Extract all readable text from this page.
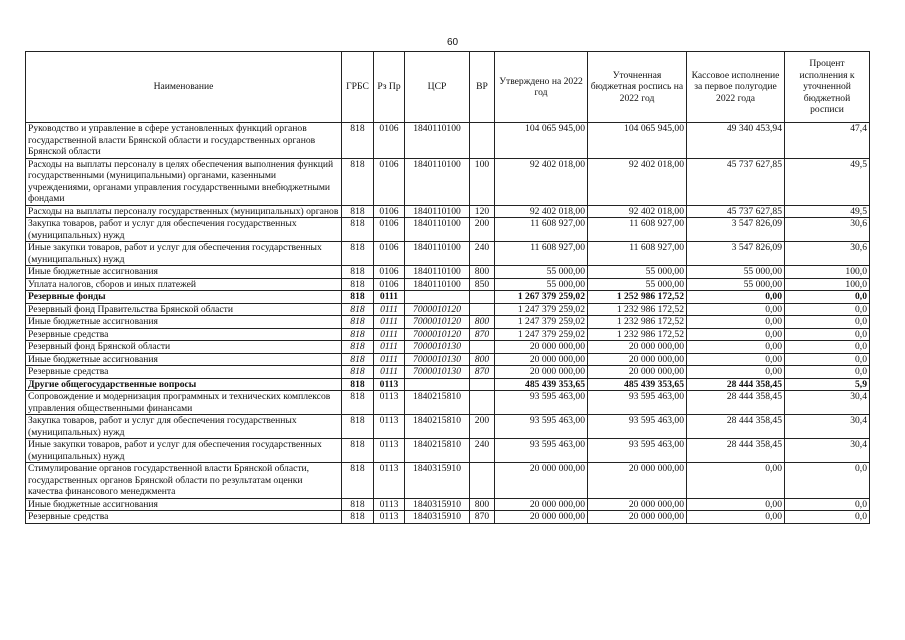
60
Наименование	ГРБС	Рз Пр	ЦСР	ВР	Утверждено на 2022 год	Уточненная бюджетная роспись на 2022 год	Кассовое исполнение за первое полугодие 2022 года	Процент исполнения к уточненной бюджетной росписи
Руководство и управление в сфере установленных функций органов государственной власти Брянской области и государственных органов Брянской области	818	0106	1840110100		104 065 945,00	104 065 945,00	49 340 453,94	47,4
Расходы на выплаты персоналу в целях обеспечения выполнения функций государственными (муниципальными) органами, казенными учреждениями, органами управления государственными внебюджетными фондами	818	0106	1840110100	100	92 402 018,00	92 402 018,00	45 737 627,85	49,5
Расходы на выплаты персоналу государственных (муниципальных) органов	818	0106	1840110100	120	92 402 018,00	92 402 018,00	45 737 627,85	49,5
Закупка товаров, работ и услуг для обеспечения государственных (муниципальных) нужд	818	0106	1840110100	200	11 608 927,00	11 608 927,00	3 547 826,09	30,6
Иные закупки товаров, работ и услуг для обеспечения государственных (муниципальных) нужд	818	0106	1840110100	240	11 608 927,00	11 608 927,00	3 547 826,09	30,6
Иные бюджетные ассигнования	818	0106	1840110100	800	55 000,00	55 000,00	55 000,00	100,0
Уплата налогов, сборов и иных платежей	818	0106	1840110100	850	55 000,00	55 000,00	55 000,00	100,0
Резервные фонды	818	0111			1 267 379 259,02	1 252 986 172,52	0,00	0,0
Резервный фонд Правительства Брянской области	818	0111	7000010120		1 247 379 259,02	1 232 986 172,52	0,00	0,0
Иные бюджетные ассигнования	818	0111	7000010120	800	1 247 379 259,02	1 232 986 172,52	0,00	0,0
Резервные средства	818	0111	7000010120	870	1 247 379 259,02	1 232 986 172,52	0,00	0,0
Резервный фонд Брянской области	818	0111	7000010130		20 000 000,00	20 000 000,00	0,00	0,0
Иные бюджетные ассигнования	818	0111	7000010130	800	20 000 000,00	20 000 000,00	0,00	0,0
Резервные средства	818	0111	7000010130	870	20 000 000,00	20 000 000,00	0,00	0,0
Другие общегосударственные вопросы	818	0113			485 439 353,65	485 439 353,65	28 444 358,45	5,9
Сопровождение и модернизация программных и технических комплексов управления общественными финансами	818	0113	1840215810		93 595 463,00	93 595 463,00	28 444 358,45	30,4
Закупка товаров, работ и услуг для обеспечения государственных (муниципальных) нужд	818	0113	1840215810	200	93 595 463,00	93 595 463,00	28 444 358,45	30,4
Иные закупки товаров, работ и услуг для обеспечения государственных (муниципальных) нужд	818	0113	1840215810	240	93 595 463,00	93 595 463,00	28 444 358,45	30,4
Стимулирование органов государственной власти Брянской области, государственных органов Брянской области по результатам оценки качества финансового менеджмента	818	0113	1840315910		20 000 000,00	20 000 000,00	0,00	0,0
Иные бюджетные ассигнования	818	0113	1840315910	800	20 000 000,00	20 000 000,00	0,00	0,0
Резервные средства	818	0113	1840315910	870	20 000 000,00	20 000 000,00	0,00	0,0
